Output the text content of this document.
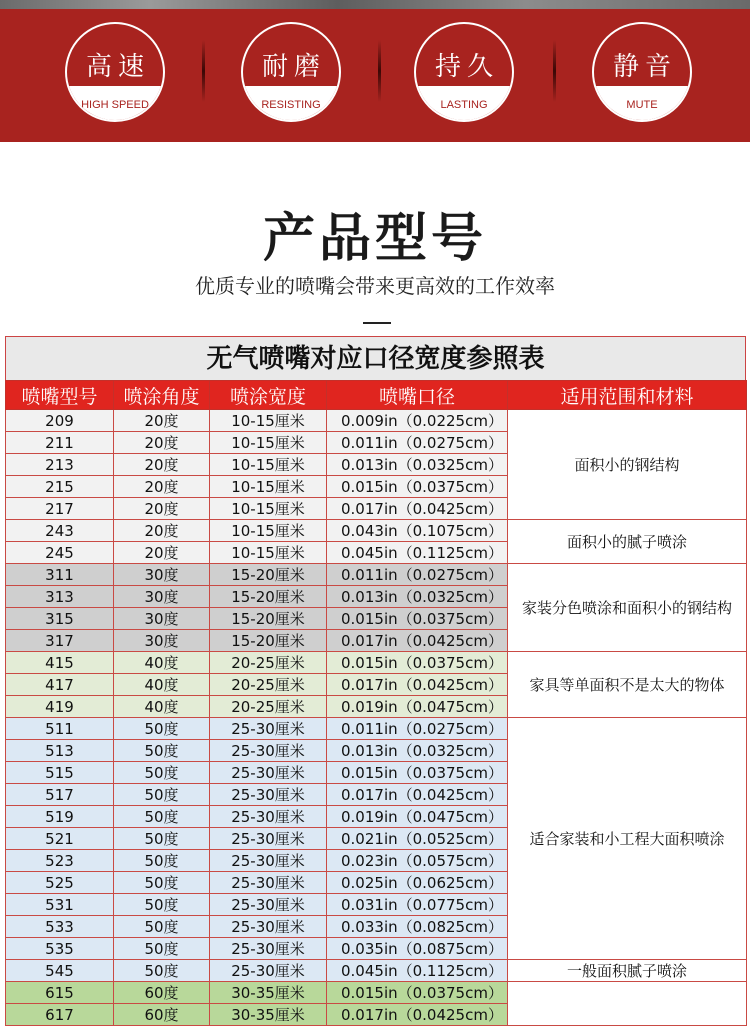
高速
HIGH SPEED
耐磨
RESISTING
持久
LASTING
静音
MUTE
产品型号
优质专业的喷嘴会带来更高效的工作效率
无气喷嘴对应口径宽度参照表
喷嘴型号	喷涂角度	喷涂宽度	喷嘴口径	适用范围和材料
209	20度	10-15厘米	0.009in（0.0225cm）	面积小的钢结构
211	20度	10-15厘米	0.011in（0.0275cm）	
213	20度	10-15厘米	0.013in（0.0325cm）	
215	20度	10-15厘米	0.015in（0.0375cm）	
217	20度	10-15厘米	0.017in（0.0425cm）	
243	20度	10-15厘米	0.043in（0.1075cm）	面积小的腻子喷涂
245	20度	10-15厘米	0.045in（0.1125cm）	
311	30度	15-20厘米	0.011in（0.0275cm）	家装分色喷涂和面积小的钢结构
313	30度	15-20厘米	0.013in（0.0325cm）	
315	30度	15-20厘米	0.015in（0.0375cm）	
317	30度	15-20厘米	0.017in（0.0425cm）	
415	40度	20-25厘米	0.015in（0.0375cm）	家具等单面积不是太大的物体
417	40度	20-25厘米	0.017in（0.0425cm）	
419	40度	20-25厘米	0.019in（0.0475cm）	
511	50度	25-30厘米	0.011in（0.0275cm）	适合家装和小工程大面积喷涂
513	50度	25-30厘米	0.013in（0.0325cm）	
515	50度	25-30厘米	0.015in（0.0375cm）	
517	50度	25-30厘米	0.017in（0.0425cm）	
519	50度	25-30厘米	0.019in（0.0475cm）	
521	50度	25-30厘米	0.021in（0.0525cm）	
523	50度	25-30厘米	0.023in（0.0575cm）	
525	50度	25-30厘米	0.025in（0.0625cm）	
531	50度	25-30厘米	0.031in（0.0775cm）	
533	50度	25-30厘米	0.033in（0.0825cm）	
535	50度	25-30厘米	0.035in（0.0875cm）	
545	50度	25-30厘米	0.045in（0.1125cm）	一般面积腻子喷涂
615	60度	30-35厘米	0.015in（0.0375cm）	
617	60度	30-35厘米	0.017in（0.0425cm）	
